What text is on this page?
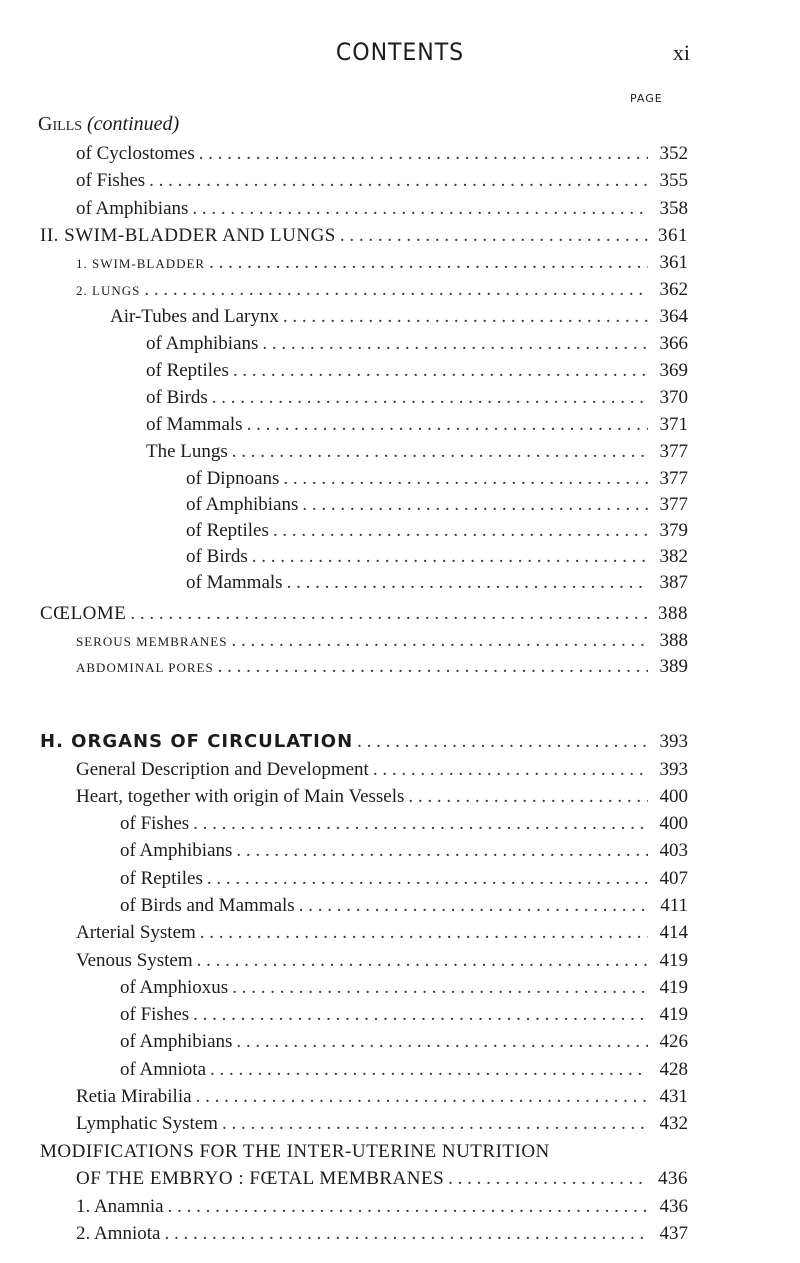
CONTENTS	xi
PAGE
Gills (continued)
of Cyclostomes . . .	352
of Fishes . . .	355
of Amphibians . . .	358
II. SWIM-BLADDER AND LUNGS . . .	361
1. SWIM-BLADDER . . .	361
2. LUNGS . . .	362
Air-Tubes and Larynx . . .	364
of Amphibians . . .	366
of Reptiles . . .	369
of Birds . . .	370
of Mammals . . .	371
The Lungs . . .	377
of Dipnoans . . .	377
of Amphibians . . .	377
of Reptiles . . .	379
of Birds . . .	382
of Mammals . . .	387
CŒLOME . . .	388
SEROUS MEMBRANES . . .	388
ABDOMINAL PORES . . .	389
H. ORGANS OF CIRCULATION . . .	393
General Description and Development . . .	393
Heart, together with origin of Main Vessels . . .	400
of Fishes . . .	400
of Amphibians . . .	403
of Reptiles . . .	407
of Birds and Mammals . . .	411
Arterial System . . .	414
Venous System . . .	419
of Amphioxus . . .	419
of Fishes . . .	419
of Amphibians . . .	426
of Amniota . . .	428
Retia Mirabilia . . .	431
Lymphatic System . . .	432
MODIFICATIONS FOR THE INTER-UTERINE NUTRITION
OF THE EMBRYO : FŒTAL MEMBRANES . . .	436
1. Anamnia . . .	436
2. Amniota . . .	437
